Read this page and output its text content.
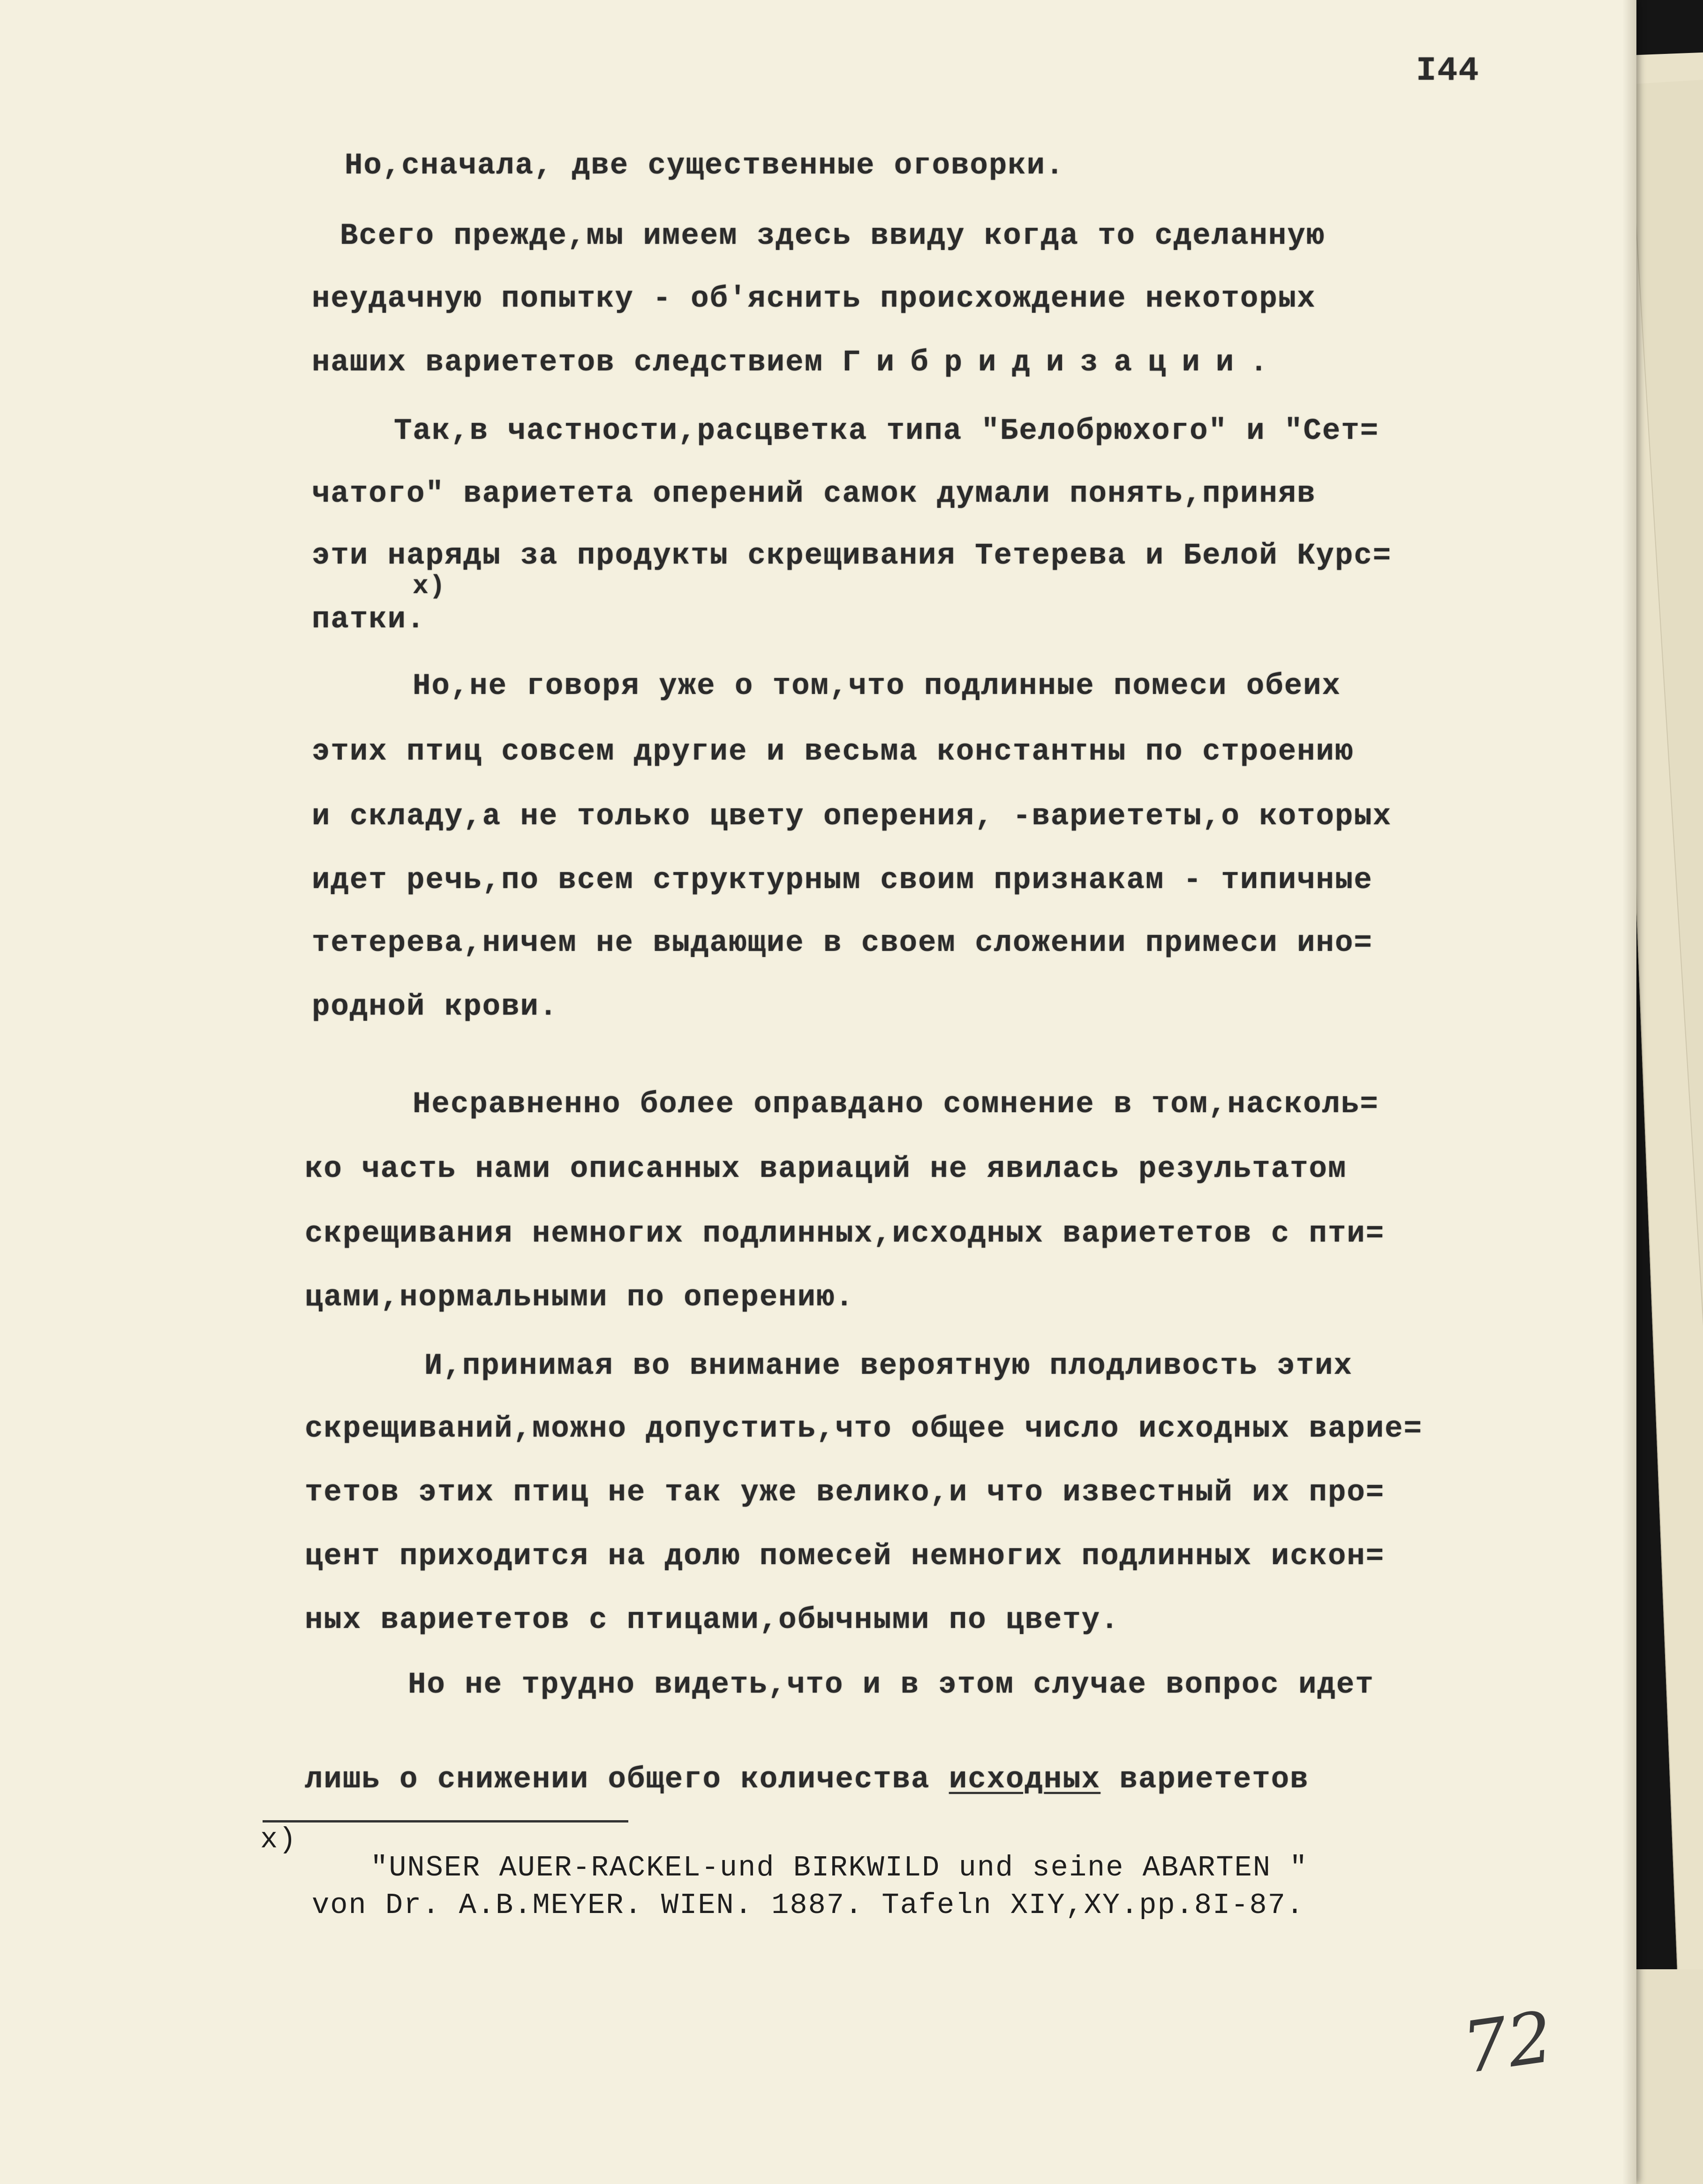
I44
Но,сначала, две существенные оговорки.
Всего прежде,мы имеем здесь ввиду когда то сделанную
неудачную попытку - об'яснить происхождение некоторых
наших вариететов следствием Гибридизации.
Так,в частности,расцветка типа "Белобрюхого" и "Сет=
чатого" вариетета оперений самок думали понять,приняв
эти наряды за продукты скрещивания Тетерева и Белой Курс=
x)
патки.
Но,не говоря уже о том,что подлинные помеси обеих
этих птиц совсем другие и весьма константны по строению
и складу,а не только цвету оперения, -вариететы,о которых
идет речь,по всем структурным своим признакам - типичные
тетерева,ничем не выдающие в своем сложении примеси ино=
родной крови.
Несравненно более оправдано сомнение в том,насколь=
ко часть нами описанных вариаций не явилась результатом
скрещивания немногих подлинных,исходных вариететов с пти=
цами,нормальными по оперению.
И,принимая во внимание вероятную плодливость этих
скрещиваний,можно допустить,что общее число исходных варие=
тетов этих птиц не так уже велико,и что известный их про=
цент приходится на долю помесей немногих подлинных искон=
ных вариететов с птицами,обычными по цвету.
Но не трудно видеть,что и в этом случае вопрос идет
лишь о снижении общего количества исходных вариететов
x)
"UNSER AUER-RACKEL-und BIRKWILD und seine ABARTEN "
von Dr. A.B.MEYER. WIEN. 1887. Tafeln XIY,XY.pp.8I-87.
72
